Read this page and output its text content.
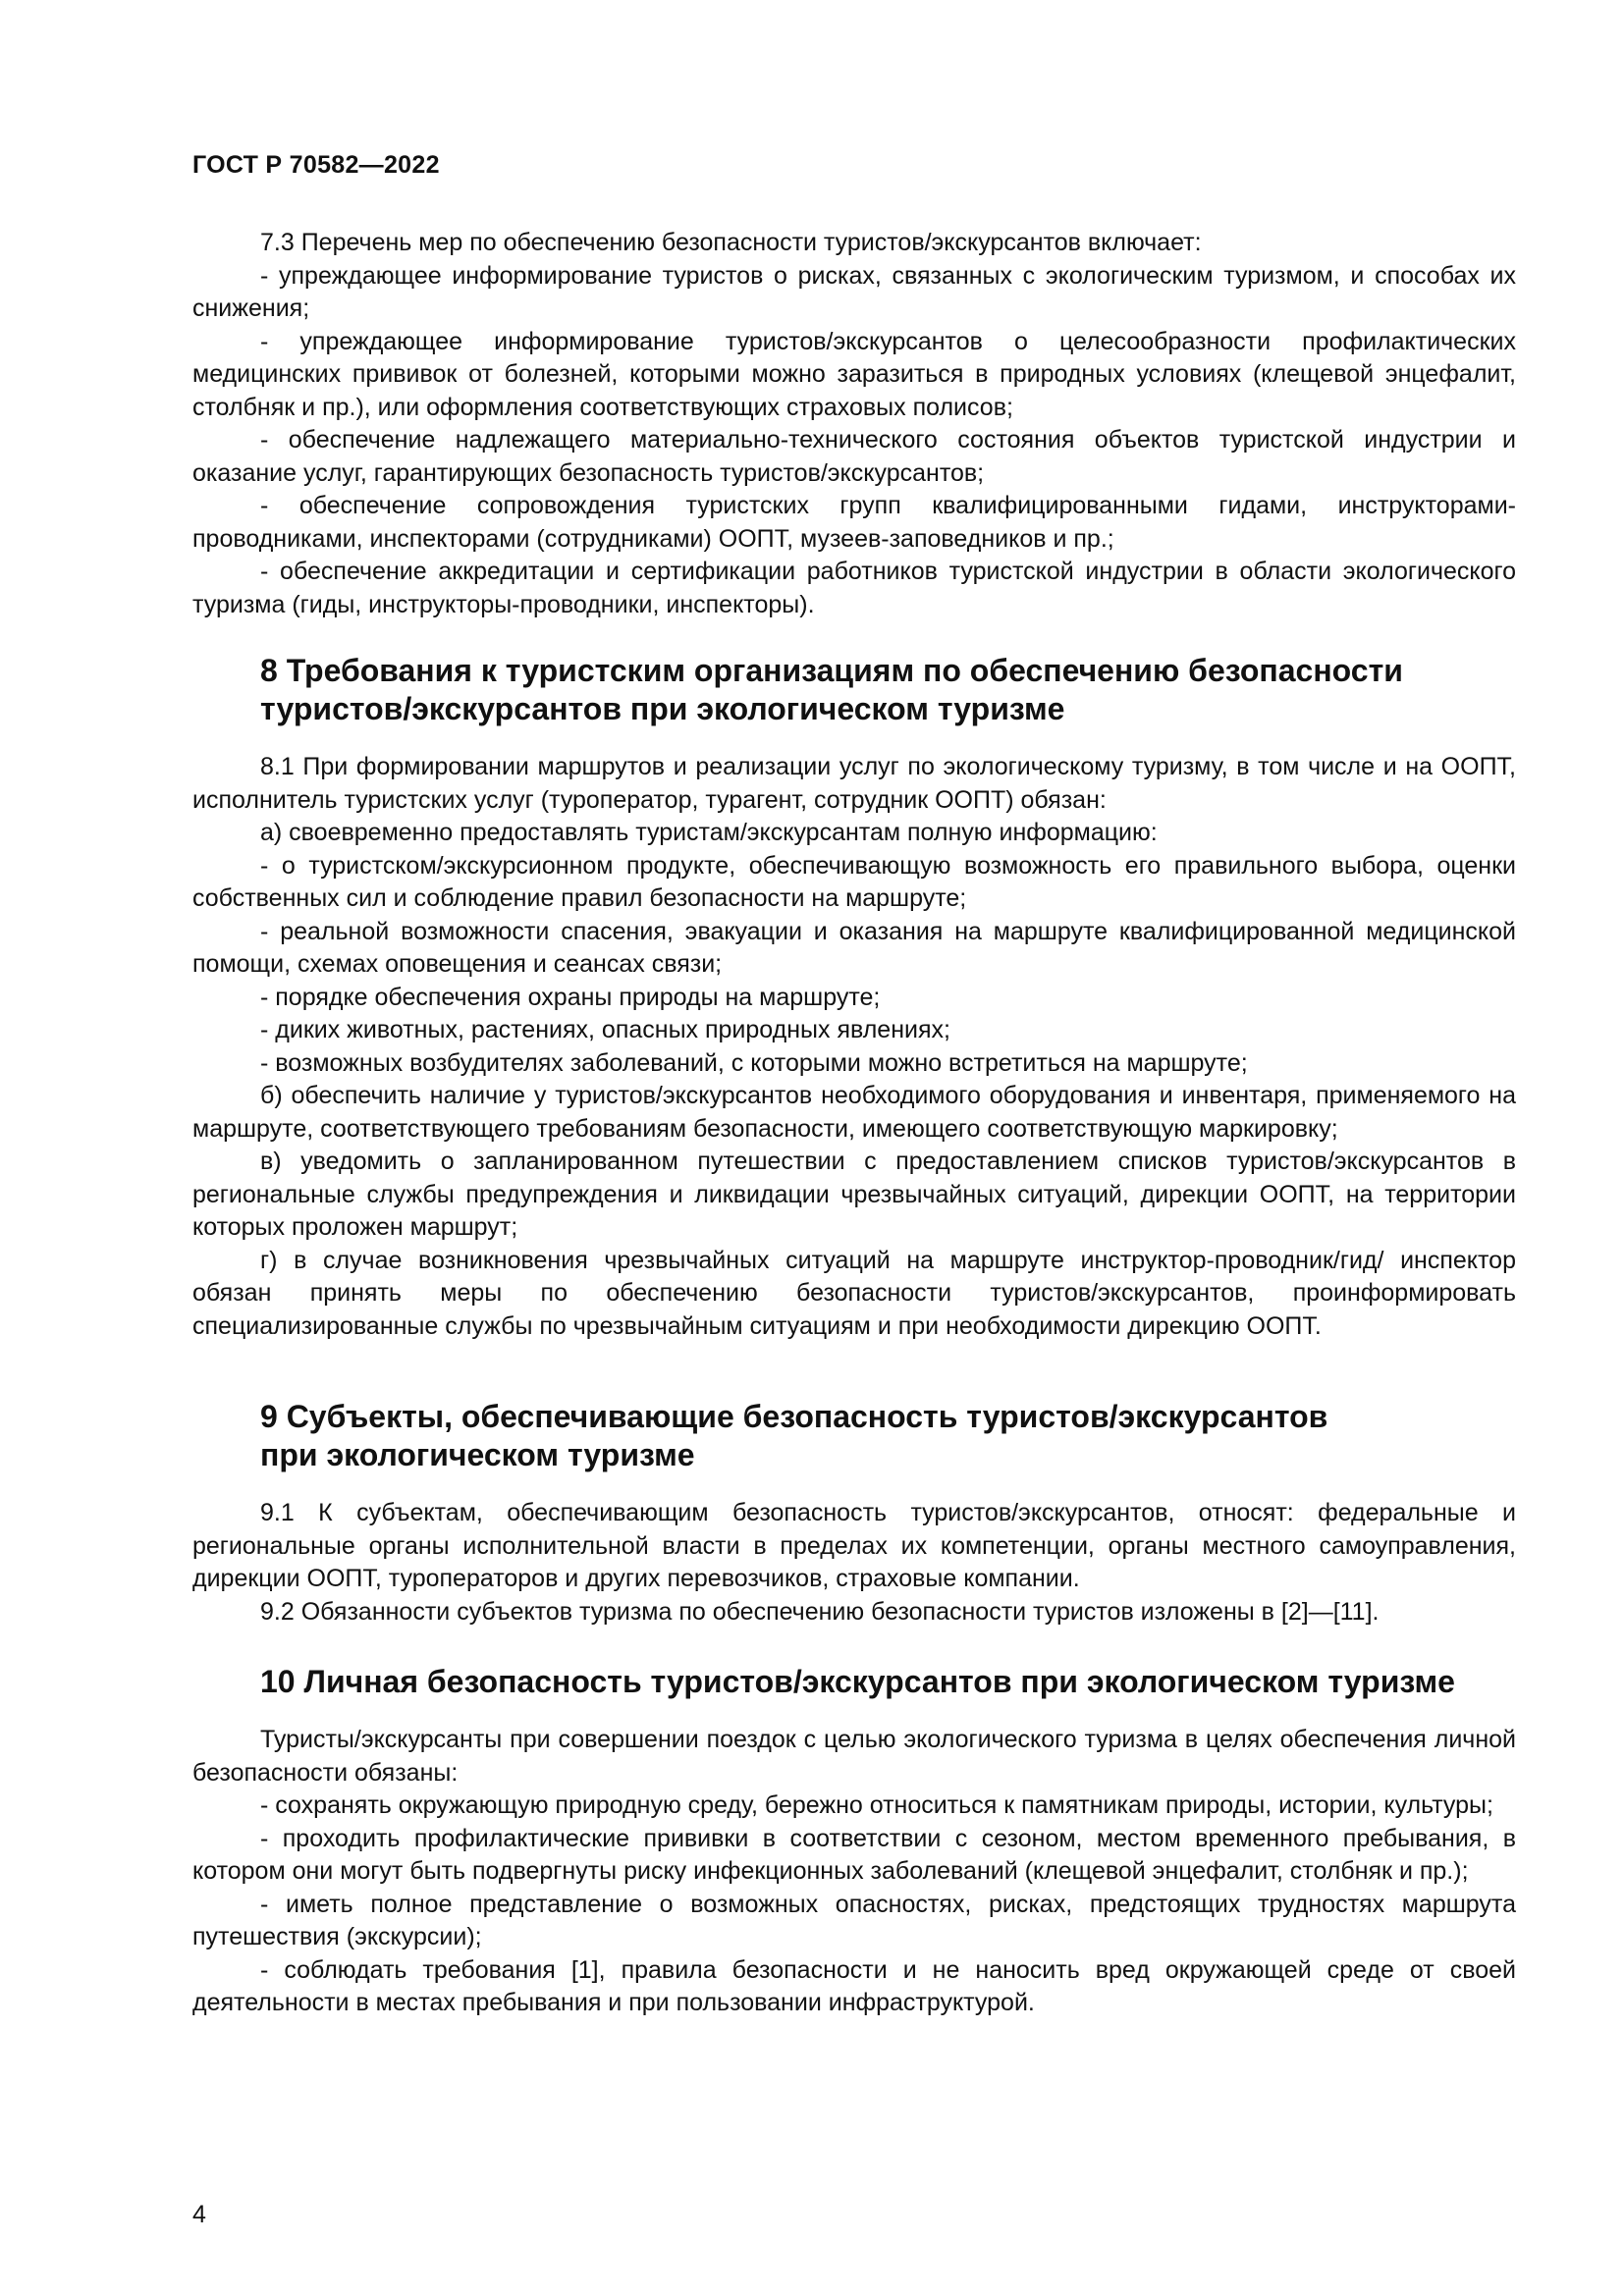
ГОСТ Р 70582—2022

7.3 Перечень мер по обеспечению безопасности туристов/экскурсантов включает:

- упреждающее информирование туристов о рисках, связанных с экологическим туризмом, и способах их снижения;

- упреждающее информирование туристов/экскурсантов о целесообразности профилактических медицинских прививок от болезней, которыми можно заразиться в природных условиях (клещевой энцефалит, столбняк и пр.), или оформления соответствующих страховых полисов;

- обеспечение надлежащего материально-технического состояния объектов туристской индустрии и оказание услуг, гарантирующих безопасность туристов/экскурсантов;

- обеспечение сопровождения туристских групп квалифицированными гидами, инструкторами-проводниками, инспекторами (сотрудниками) ООПТ, музеев-заповедников и пр.;

- обеспечение аккредитации и сертификации работников туристской индустрии в области экологического туризма (гиды, инструкторы-проводники, инспекторы).

8 Требования к туристским организациям по обеспечению безопасности
туристов/экскурсантов при экологическом туризме

8.1 При формировании маршрутов и реализации услуг по экологическому туризму, в том числе и на ООПТ, исполнитель туристских услуг (туроператор, турагент, сотрудник ООПТ) обязан:

а) своевременно предоставлять туристам/экскурсантам полную информацию:

- о туристском/экскурсионном продукте, обеспечивающую возможность его правильного выбора, оценки собственных сил и соблюдение правил безопасности на маршруте;

- реальной возможности спасения, эвакуации и оказания на маршруте квалифицированной медицинской помощи, схемах оповещения и сеансах связи;

- порядке обеспечения охраны природы на маршруте;

- диких животных, растениях, опасных природных явлениях;

- возможных возбудителях заболеваний, с которыми можно встретиться на маршруте;

б) обеспечить наличие у туристов/экскурсантов необходимого оборудования и инвентаря, применяемого на маршруте, соответствующего требованиям безопасности, имеющего соответствующую маркировку;

в) уведомить о запланированном путешествии с предоставлением списков туристов/экскурсантов в региональные службы предупреждения и ликвидации чрезвычайных ситуаций, дирекции ООПТ, на территории которых проложен маршрут;

г) в случае возникновения чрезвычайных ситуаций на маршруте инструктор-проводник/гид/ инспектор обязан принять меры по обеспечению безопасности туристов/экскурсантов, проинформировать специализированные службы по чрезвычайным ситуациям и при необходимости дирекцию ООПТ.

9 Субъекты, обеспечивающие безопасность туристов/экскурсантов
при экологическом туризме

9.1 К субъектам, обеспечивающим безопасность туристов/экскурсантов, относят: федеральные и региональные органы исполнительной власти в пределах их компетенции, органы местного самоуправления, дирекции ООПТ, туроператоров и других перевозчиков, страховые компании.

9.2 Обязанности субъектов туризма по обеспечению безопасности туристов изложены в [2]—[11].

10 Личная безопасность туристов/экскурсантов при экологическом туризме

Туристы/экскурсанты при совершении поездок с целью экологического туризма в целях обеспечения личной безопасности обязаны:

- сохранять окружающую природную среду, бережно относиться к памятникам природы, истории, культуры;

- проходить профилактические прививки в соответствии с сезоном, местом временного пребывания, в котором они могут быть подвергнуты риску инфекционных заболеваний (клещевой энцефалит, столбняк и пр.);

- иметь полное представление о возможных опасностях, рисках, предстоящих трудностях маршрута путешествия (экскурсии);

- соблюдать требования [1], правила безопасности и не наносить вред окружающей среде от своей деятельности в местах пребывания и при пользовании инфраструктурой.

4
